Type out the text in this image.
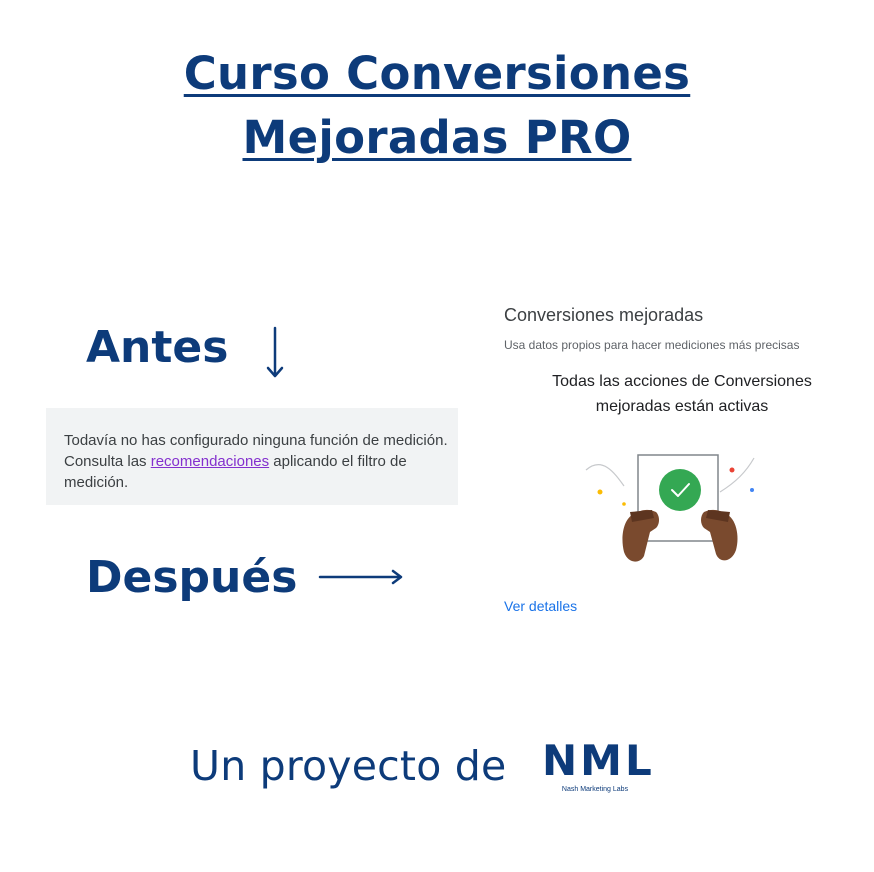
Curso Conversiones
Mejoradas PRO
Antes
Todavía no has configurado ninguna función de medición. Consulta las recomendaciones aplicando el filtro de medición.
Después
Conversiones mejoradas
Usa datos propios para hacer mediciones más precisas
Todas las acciones de Conversiones
mejoradas están activas
Ver detalles
Un proyecto de NML
Nash Marketing Labs
